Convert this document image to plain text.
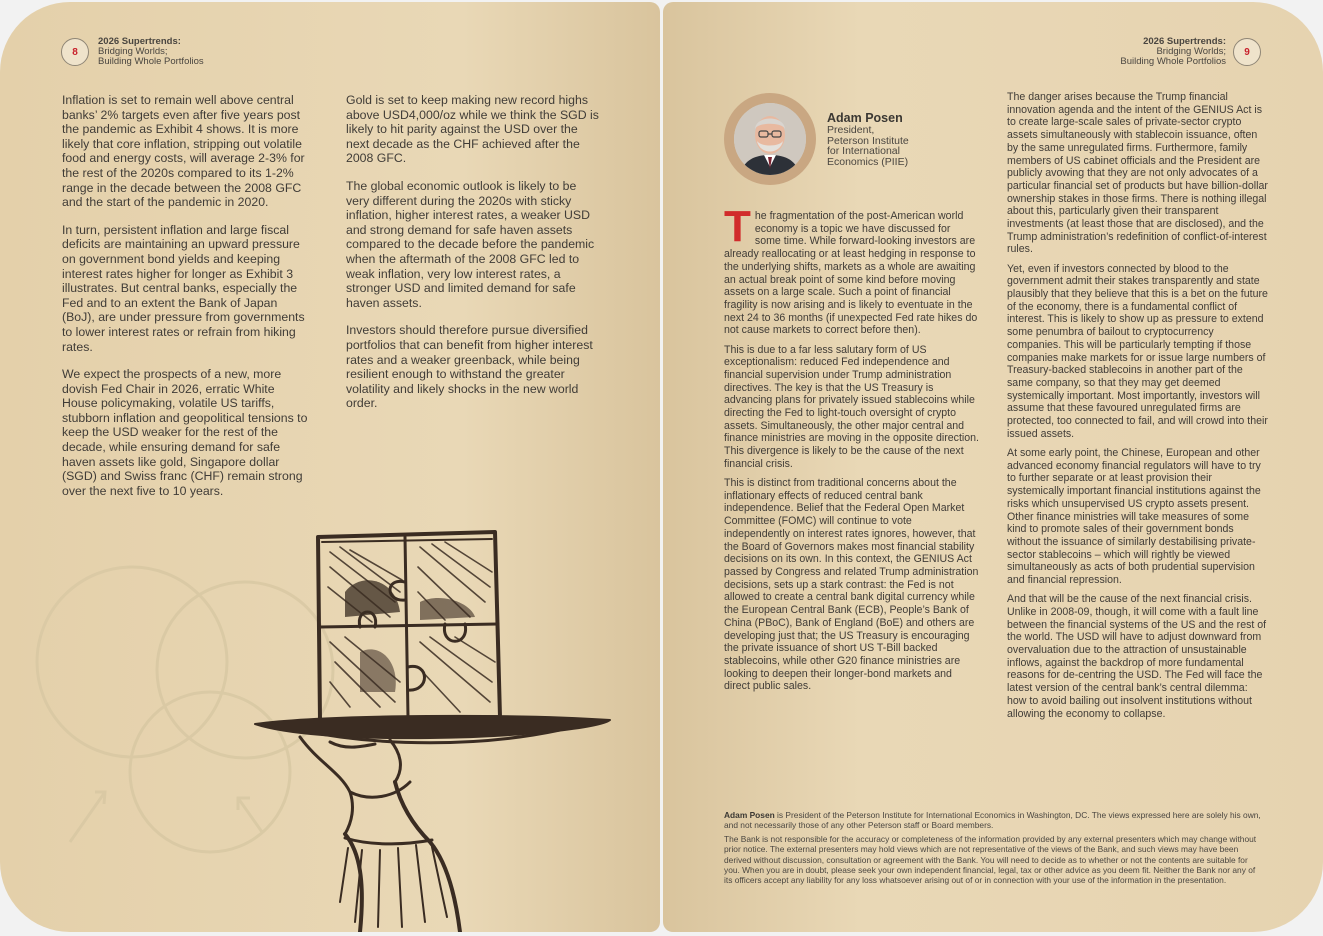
8
2026 Supertrends:
Bridging Worlds;
Building Whole Portfolios

Inflation is set to remain well above central banks’ 2% targets even after five years post the pandemic as Exhibit 4 shows. It is more likely that core inflation, stripping out volatile food and energy costs, will average 2-3% for the rest of the 2020s compared to its 1-2% range in the decade between the 2008 GFC and the start of the pandemic in 2020.

In turn, persistent inflation and large fiscal deficits are maintaining an upward pressure on government bond yields and keeping interest rates higher for longer as Exhibit 3 illustrates. But central banks, especially the Fed and to an extent the Bank of Japan (BoJ), are under pressure from governments to lower interest rates or refrain from hiking rates.

We expect the prospects of a new, more dovish Fed Chair in 2026, erratic White House policymaking, volatile US tariffs, stubborn inflation and geopolitical tensions to keep the USD weaker for the rest of the decade, while ensuring demand for safe haven assets like gold, Singapore dollar (SGD) and Swiss franc (CHF) remain strong over the next five to 10 years.

Gold is set to keep making new record highs above USD4,000/oz while we think the SGD is likely to hit parity against the USD over the next decade as the CHF achieved after the 2008 GFC.

The global economic outlook is likely to be very different during the 2020s with sticky inflation, higher interest rates, a weaker USD and strong demand for safe haven assets compared to the decade before the pandemic when the aftermath of the 2008 GFC led to weak inflation, very low interest rates, a stronger USD and limited demand for safe haven assets.

Investors should therefore pursue diversified portfolios that can benefit from higher interest rates and a weaker greenback, while being resilient enough to withstand the greater volatility and likely shocks in the new world order.

2026 Supertrends:
Bridging Worlds;
Building Whole Portfolios
9
Adam Posen
President,
Peterson Institute
for International
Economics (PIIE)

The fragmentation of the post-American world economy is a topic we have discussed for some time. While forward-looking investors are already reallocating or at least hedging in response to the underlying shifts, markets as a whole are awaiting an actual break point of some kind before moving assets on a large scale. Such a point of financial fragility is now arising and is likely to eventuate in the next 24 to 36 months (if unexpected Fed rate hikes do not cause markets to correct before then).

This is due to a far less salutary form of US exceptionalism: reduced Fed independence and financial supervision under Trump administration directives. The key is that the US Treasury is advancing plans for privately issued stablecoins while directing the Fed to light-touch oversight of crypto assets. Simultaneously, the other major central and finance ministries are moving in the opposite direction. This divergence is likely to be the cause of the next financial crisis.

This is distinct from traditional concerns about the inflationary effects of reduced central bank independence. Belief that the Federal Open Market Committee (FOMC) will continue to vote independently on interest rates ignores, however, that the Board of Governors makes most financial stability decisions on its own. In this context, the GENIUS Act passed by Congress and related Trump administration decisions, sets up a stark contrast: the Fed is not allowed to create a central bank digital currency while the European Central Bank (ECB), People’s Bank of China (PBoC), Bank of England (BoE) and others are developing just that; the US Treasury is encouraging the private issuance of short US T-Bill backed stablecoins, while other G20 finance ministries are looking to deepen their longer-bond markets and direct public sales.

The danger arises because the Trump financial innovation agenda and the intent of the GENIUS Act is to create large-scale sales of private-sector crypto assets simultaneously with stablecoin issuance, often by the same unregulated firms. Furthermore, family members of US cabinet officials and the President are publicly avowing that they are not only advocates of a particular financial set of products but have billion-dollar ownership stakes in those firms. There is nothing illegal about this, particularly given their transparent investments (at least those that are disclosed), and the Trump administration’s redefinition of conflict-of-interest rules.

Yet, even if investors connected by blood to the government admit their stakes transparently and state plausibly that they believe that this is a bet on the future of the economy, there is a fundamental conflict of interest. This is likely to show up as pressure to extend some penumbra of bailout to cryptocurrency companies. This will be particularly tempting if those companies make markets for or issue large numbers of Treasury-backed stablecoins in another part of the same company, so that they may get deemed systemically important. Most importantly, investors will assume that these favoured unregulated firms are protected, too connected to fail, and will crowd into their issued assets.

At some early point, the Chinese, European and other advanced economy financial regulators will have to try to further separate or at least provision their systemically important financial institutions against the risks which unsupervised US crypto assets present. Other finance ministries will take measures of some kind to promote sales of their government bonds without the issuance of similarly destabilising private-sector stablecoins – which will rightly be viewed simultaneously as acts of both prudential supervision and financial repression.

And that will be the cause of the next financial crisis. Unlike in 2008-09, though, it will come with a fault line between the financial systems of the US and the rest of the world. The USD will have to adjust downward from overvaluation due to the attraction of unsustainable inflows, against the backdrop of more fundamental reasons for de-centring the USD. The Fed will face the latest version of the central bank’s central dilemma: how to avoid bailing out insolvent institutions without allowing the economy to collapse.

Adam Posen is President of the Peterson Institute for International Economics in Washington, DC. The views expressed here are solely his own, and not necessarily those of any other Peterson staff or Board members.

The Bank is not responsible for the accuracy or completeness of the information provided by any external presenters which may change without prior notice. The external presenters may hold views which are not representative of the views of the Bank, and such views may have been derived without discussion, consultation or agreement with the Bank. You will need to decide as to whether or not the contents are suitable for you. When you are in doubt, please seek your own independent financial, legal, tax or other advice as you deem fit. Neither the Bank nor any of its officers accept any liability for any loss whatsoever arising out of or in connection with your use of the information in the presentation.
